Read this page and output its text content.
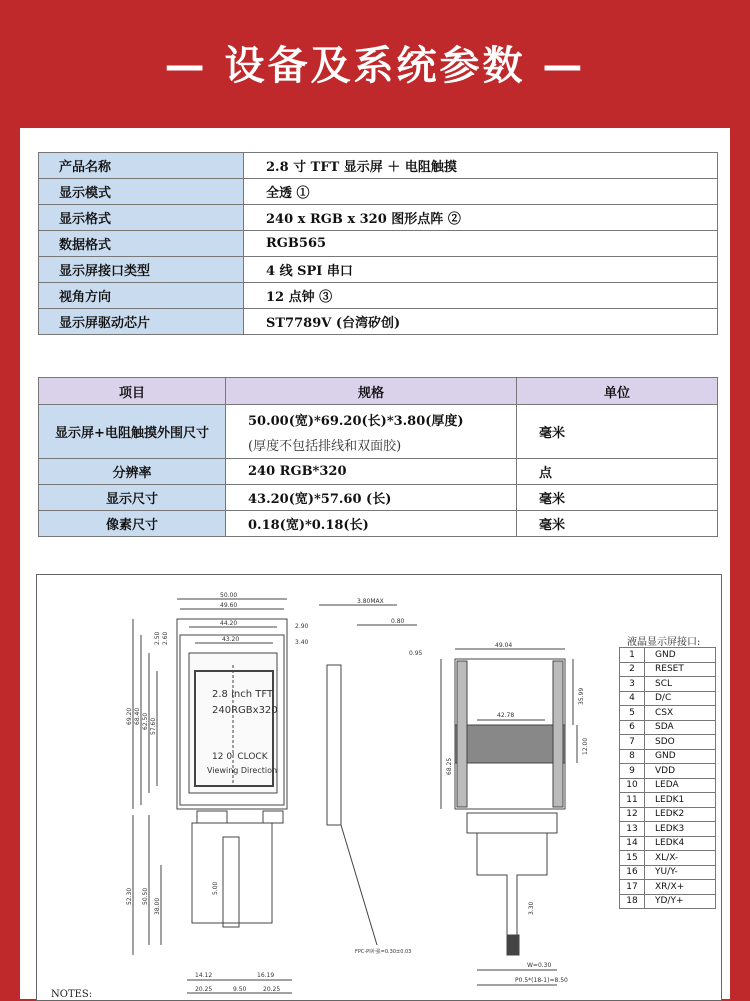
— 设备及系统参数 —
产品名称	2.8 寸 TFT 显示屏 ＋ 电阻触摸
显示模式	全透 ①
显示格式	240 x RGB x 320 图形点阵 ②
数据格式	RGB565
显示屏接口类型	4 线 SPI 串口
视角方向	12 点钟 ③
显示屏驱动芯片	ST7789V (台湾矽创)
项目	规格	单位
显示屏+电阻触摸外围尺寸	50.00(宽)*69.20(长)*3.80(厚度)
(厚度不包括排线和双面胶)	毫米
分辨率	240 RGB*320	点
显示尺寸	43.20(宽)*57.60 (长)	毫米
像素尺寸	0.18(宽)*0.18(长)	毫米
2.8 inch TFT
240RGBx320
12 0' CLOCK
Viewing Direction
50.00
49.60
44.20
43.20
2.90
3.40
2.50 2.60
69.20 68.40 62.50 57.60
52.30 50.50
38.00
5.00
14.12	16.19
20.25	9.50	20.25
3.80MAX
0.80
0.95
FPC-PI补强=0.30±0.03
49.04
42.78
35.99
68.25
12.00
3.30
W=0.30
P0.5*(18-1)=8.50
液晶显示屏接口:
1	GND
2	RESET
3	SCL
4	D/C
5	CSX
6	SDA
7	SDO
8	GND
9	VDD
10	LEDA
11	LEDK1
12	LEDK2
13	LEDK3
14	LEDK4
15	XL/X-
16	YU/Y-
17	XR/X+
18	YD/Y+
NOTES:
